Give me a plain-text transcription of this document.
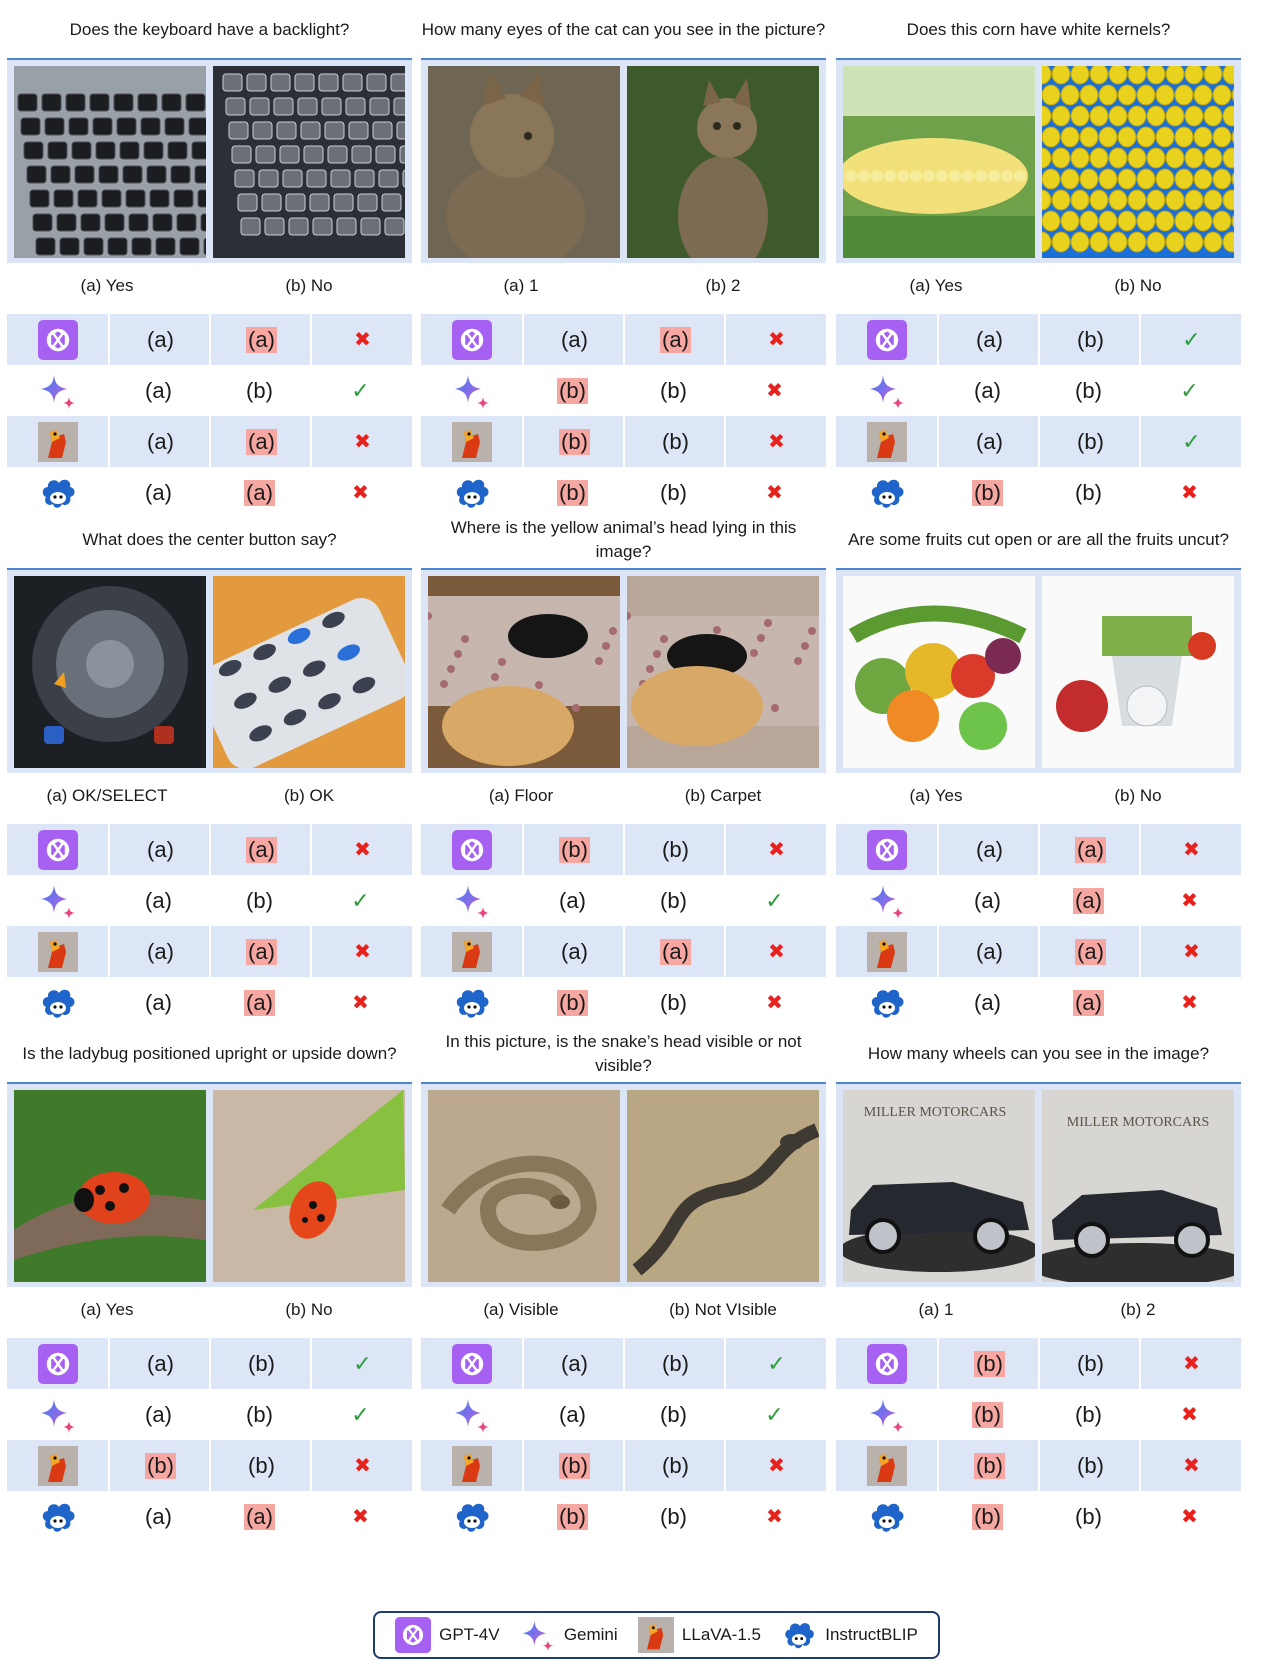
Does the keyboard have a backlight?
(a) Yes	(b) No
(a)	(a)	✖
(a)	(b)	✓
(a)	(a)	✖
(a)	(a)	✖
How many eyes of the cat can you see in the picture?
(a) 1	(b) 2
(a)	(a)	✖
(b)	(b)	✖
(b)	(b)	✖
(b)	(b)	✖
Does this corn have white kernels?
(a) Yes	(b) No
(a)	(b)	✓
(a)	(b)	✓
(a)	(b)	✓
(b)	(b)	✖
What does the center button say?
(a) OK/SELECT	(b) OK
(a)	(a)	✖
(a)	(b)	✓
(a)	(a)	✖
(a)	(a)	✖
Where is the yellow animal’s head lying in this image?
(a) Floor	(b) Carpet
(b)	(b)	✖
(a)	(b)	✓
(a)	(a)	✖
(b)	(b)	✖
Are some fruits cut open or are all the fruits uncut?
(a) Yes	(b) No
(a)	(a)	✖
(a)	(a)	✖
(a)	(a)	✖
(a)	(a)	✖
Is the ladybug positioned upright or upside down?
(a) Yes	(b) No
(a)	(b)	✓
(a)	(b)	✓
(b)	(b)	✖
(a)	(a)	✖
In this picture, is the snake’s head visible or not visible?
(a) Visible	(b) Not VIsible
(a)	(b)	✓
(a)	(b)	✓
(b)	(b)	✖
(b)	(b)	✖
How many wheels can you see in the image?
MILLER MOTORCARS
MILLER MOTORCARS
(a) 1	(b) 2
(b)	(b)	✖
(b)	(b)	✖
(b)	(b)	✖
(b)	(b)	✖
GPT-4V	Gemini	LLaVA-1.5	InstructBLIP
